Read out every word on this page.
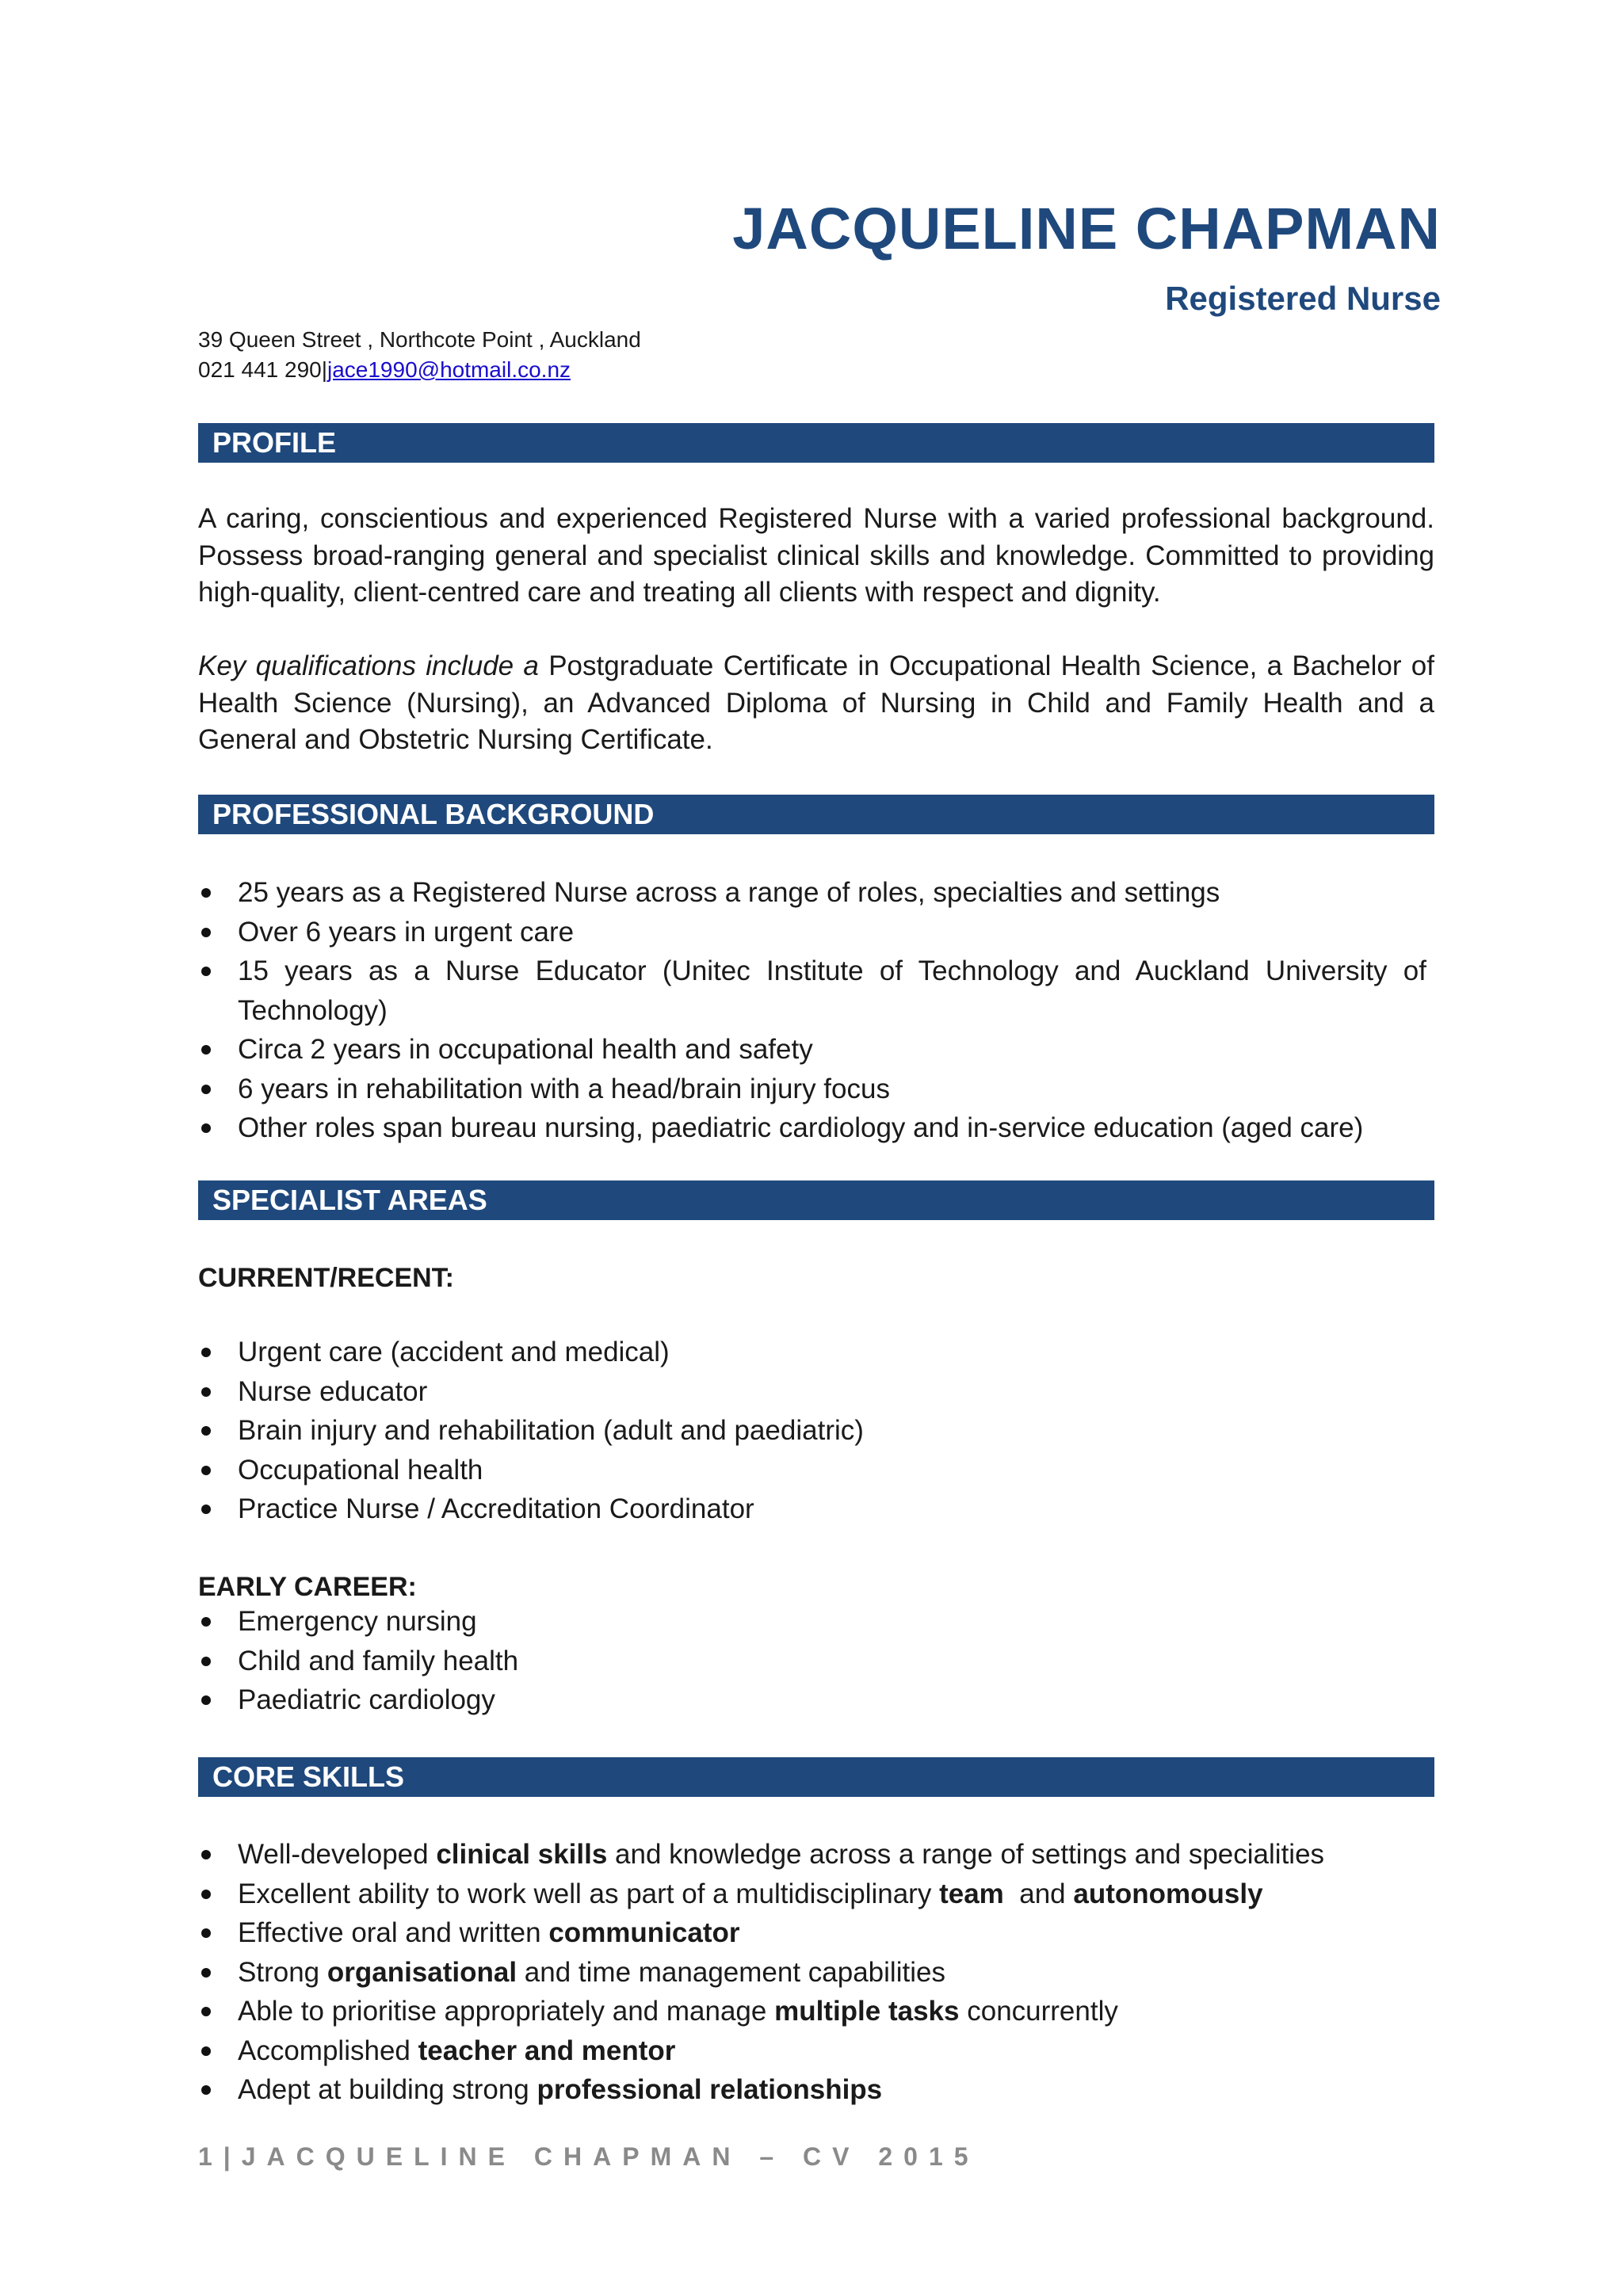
JACQUELINE CHAPMAN
Registered Nurse
39 Queen Street , Northcote Point , Auckland
021 441 290|jace1990@hotmail.co.nz
PROFILE

A caring, conscientious and experienced Registered Nurse with a varied professional background. Possess broad-ranging general and specialist clinical skills and knowledge. Committed to providing high-quality, client-centred care and treating all clients with respect and dignity.

Key qualifications include a Postgraduate Certificate in Occupational Health Science, a Bachelor of Health Science (Nursing), an Advanced Diploma of Nursing in Child and Family Health and a General and Obstetric Nursing Certificate.

PROFESSIONAL BACKGROUND
25 years as a Registered Nurse across a range of roles, specialties and settings
Over 6 years in urgent care
15 years as a Nurse Educator (Unitec Institute of Technology and Auckland University of Technology)
Circa 2 years in occupational health and safety
6 years in rehabilitation with a head/brain injury focus
Other roles span bureau nursing, paediatric cardiology and in-service education (aged care)
SPECIALIST AREAS
CURRENT/RECENT:
Urgent care (accident and medical)
Nurse educator
Brain injury and rehabilitation (adult and paediatric)
Occupational health
Practice Nurse / Accreditation Coordinator
EARLY CAREER:
Emergency nursing
Child and family health
Paediatric cardiology
CORE SKILLS
Well-developed clinical skills and knowledge across a range of settings and specialities
Excellent ability to work well as part of a multidisciplinary team  and autonomously
Effective oral and written communicator
Strong organisational and time management capabilities
Able to prioritise appropriately and manage multiple tasks concurrently
Accomplished teacher and mentor
Adept at building strong professional relationships
1|JACQUELINE CHAPMAN – CV 2015
